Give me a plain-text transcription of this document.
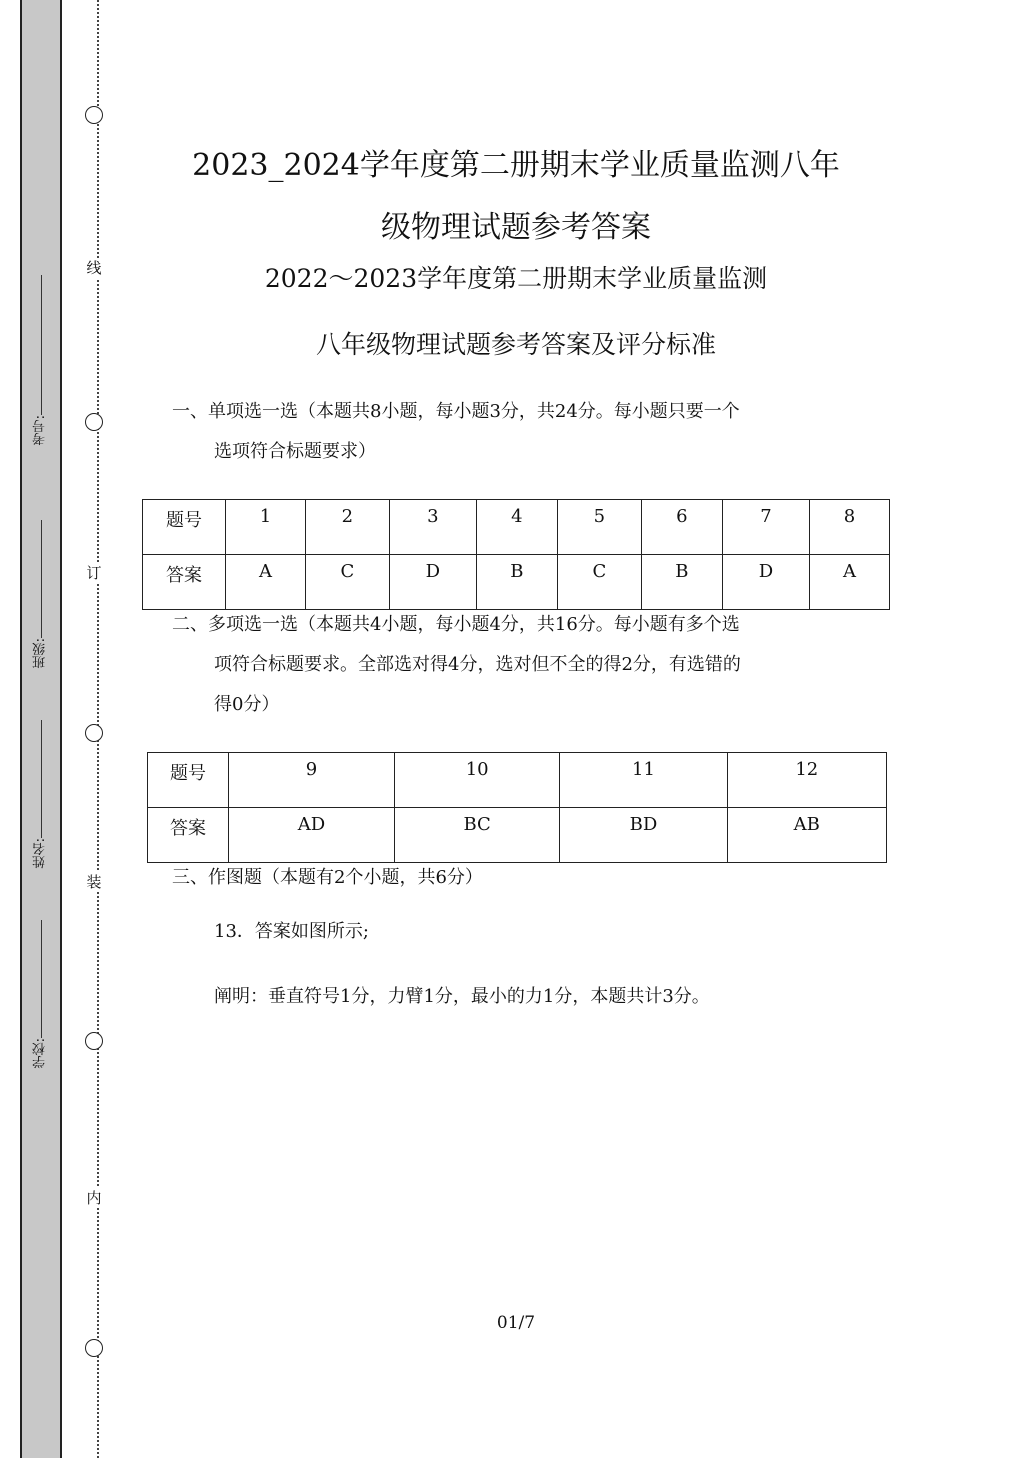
线
订
装
内
考号:
班级:
姓名:
学校:
2023_2024学年度第二册期末学业质量监测八年
级物理试题参考答案
2022～2023学年度第二册期末学业质量监测
八年级物理试题参考答案及评分标准
一、单项选一选（本题共8小题，每小题3分，共24分。每小题只要一个
选项符合标题要求）
题号	1	2	3	4	5	6	7	8
答案	A	C	D	B	C	B	D	A
二、多项选一选（本题共4小题，每小题4分，共16分。每小题有多个选
项符合标题要求。全部选对得4分，选对但不全的得2分，有选错的
得0分）
题号	9	10	11	12
答案	AD	BC	BD	AB
三、作图题（本题有2个小题，共6分）
13．答案如图所示;
阐明：垂直符号1分，力臂1分，最小的力1分，本题共计3分。
01/7
